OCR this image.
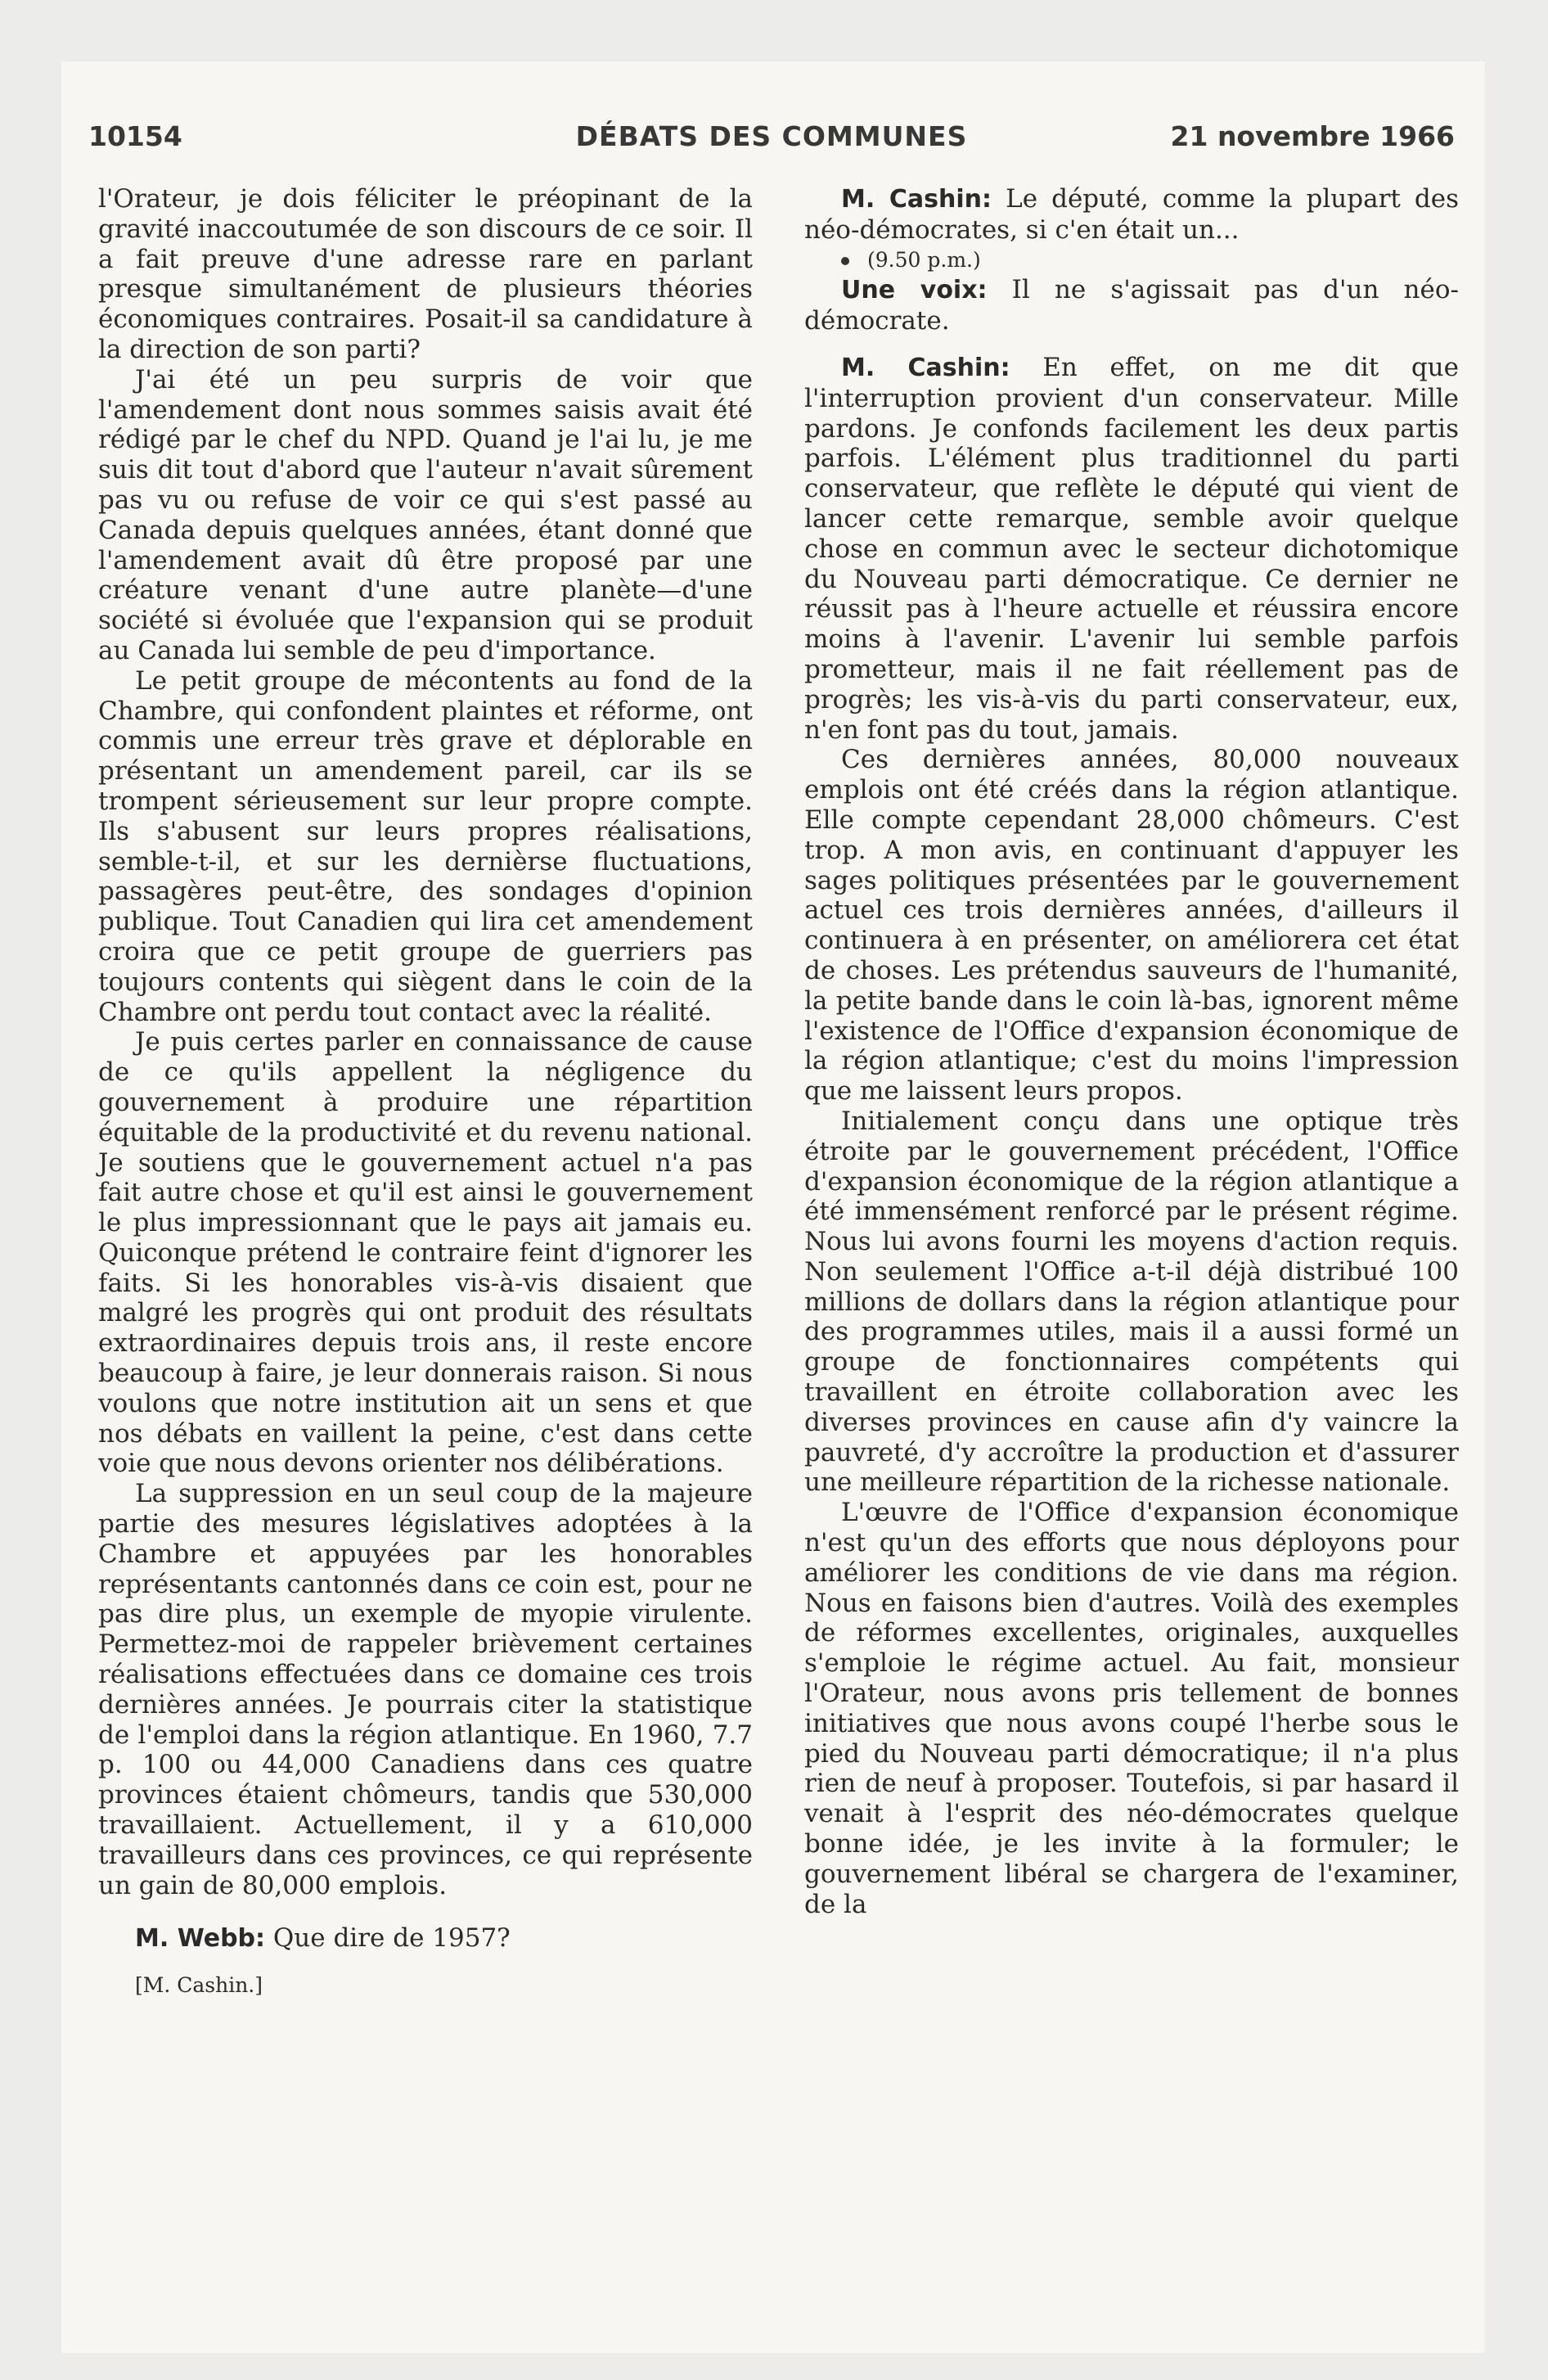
10154	DÉBATS DES COMMUNES	21 novembre 1966

l'Orateur, je dois féliciter le préopinant de la gravité inaccoutumée de son discours de ce soir. Il a fait preuve d'une adresse rare en parlant presque simultanément de plusieurs théories économiques contraires. Posait-il sa candidature à la direction de son parti?

J'ai été un peu surpris de voir que l'amendement dont nous sommes saisis avait été rédigé par le chef du NPD. Quand je l'ai lu, je me suis dit tout d'abord que l'auteur n'avait sûrement pas vu ou refuse de voir ce qui s'est passé au Canada depuis quelques années, étant donné que l'amendement avait dû être proposé par une créature venant d'une autre planète—d'une société si évoluée que l'expansion qui se produit au Canada lui semble de peu d'importance.

Le petit groupe de mécontents au fond de la Chambre, qui confondent plaintes et réforme, ont commis une erreur très grave et déplorable en présentant un amendement pareil, car ils se trompent sérieusement sur leur propre compte. Ils s'abusent sur leurs propres réalisations, semble-t-il, et sur les dernièrse fluctuations, passagères peut-être, des sondages d'opinion publique. Tout Canadien qui lira cet amendement croira que ce petit groupe de guerriers pas toujours contents qui siègent dans le coin de la Chambre ont perdu tout contact avec la réalité.

Je puis certes parler en connaissance de cause de ce qu'ils appellent la négligence du gouvernement à produire une répartition équitable de la productivité et du revenu national. Je soutiens que le gouvernement actuel n'a pas fait autre chose et qu'il est ainsi le gouvernement le plus impressionnant que le pays ait jamais eu. Quiconque prétend le contraire feint d'ignorer les faits. Si les honorables vis-à-vis disaient que malgré les progrès qui ont produit des résultats extraordinaires depuis trois ans, il reste encore beaucoup à faire, je leur donnerais raison. Si nous voulons que notre institution ait un sens et que nos débats en vaillent la peine, c'est dans cette voie que nous devons orienter nos délibérations.

La suppression en un seul coup de la majeure partie des mesures législatives adoptées à la Chambre et appuyées par les honorables représentants cantonnés dans ce coin est, pour ne pas dire plus, un exemple de myopie virulente. Permettez-moi de rappeler brièvement certaines réalisations effectuées dans ce domaine ces trois dernières années. Je pourrais citer la statistique de l'emploi dans la région atlantique. En 1960, 7.7 p. 100 ou 44,000 Canadiens dans ces quatre provinces étaient chômeurs, tandis que 530,000 travaillaient. Actuellement, il y a 610,000 travailleurs dans ces provinces, ce qui représente un gain de 80,000 emplois.

M. Webb: Que dire de 1957?

[M. Cashin.]

M. Cashin: Le député, comme la plupart des néo-démocrates, si c'en était un...

(9.50 p.m.)

Une voix: Il ne s'agissait pas d'un néo-démocrate.

M. Cashin: En effet, on me dit que l'interruption provient d'un conservateur. Mille pardons. Je confonds facilement les deux partis parfois. L'élément plus traditionnel du parti conservateur, que reflète le député qui vient de lancer cette remarque, semble avoir quelque chose en commun avec le secteur dichotomique du Nouveau parti démocratique. Ce dernier ne réussit pas à l'heure actuelle et réussira encore moins à l'avenir. L'avenir lui semble parfois prometteur, mais il ne fait réellement pas de progrès; les vis-à-vis du parti conservateur, eux, n'en font pas du tout, jamais.

Ces dernières années, 80,000 nouveaux emplois ont été créés dans la région atlantique. Elle compte cependant 28,000 chômeurs. C'est trop. A mon avis, en continuant d'appuyer les sages politiques présentées par le gouvernement actuel ces trois dernières années, d'ailleurs il continuera à en présenter, on améliorera cet état de choses. Les prétendus sauveurs de l'humanité, la petite bande dans le coin là-bas, ignorent même l'existence de l'Office d'expansion économique de la région atlantique; c'est du moins l'impression que me laissent leurs propos.

Initialement conçu dans une optique très étroite par le gouvernement précédent, l'Office d'expansion économique de la région atlantique a été immensément renforcé par le présent régime. Nous lui avons fourni les moyens d'action requis. Non seulement l'Office a-t-il déjà distribué 100 millions de dollars dans la région atlantique pour des programmes utiles, mais il a aussi formé un groupe de fonctionnaires compétents qui travaillent en étroite collaboration avec les diverses provinces en cause afin d'y vaincre la pauvreté, d'y accroître la production et d'assurer une meilleure répartition de la richesse nationale.

L'œuvre de l'Office d'expansion économique n'est qu'un des efforts que nous déployons pour améliorer les conditions de vie dans ma région. Nous en faisons bien d'autres. Voilà des exemples de réformes excellentes, originales, auxquelles s'emploie le régime actuel. Au fait, monsieur l'Orateur, nous avons pris tellement de bonnes initiatives que nous avons coupé l'herbe sous le pied du Nouveau parti démocratique; il n'a plus rien de neuf à proposer. Toutefois, si par hasard il venait à l'esprit des néo-démocrates quelque bonne idée, je les invite à la formuler; le gouvernement libéral se chargera de l'examiner, de la
